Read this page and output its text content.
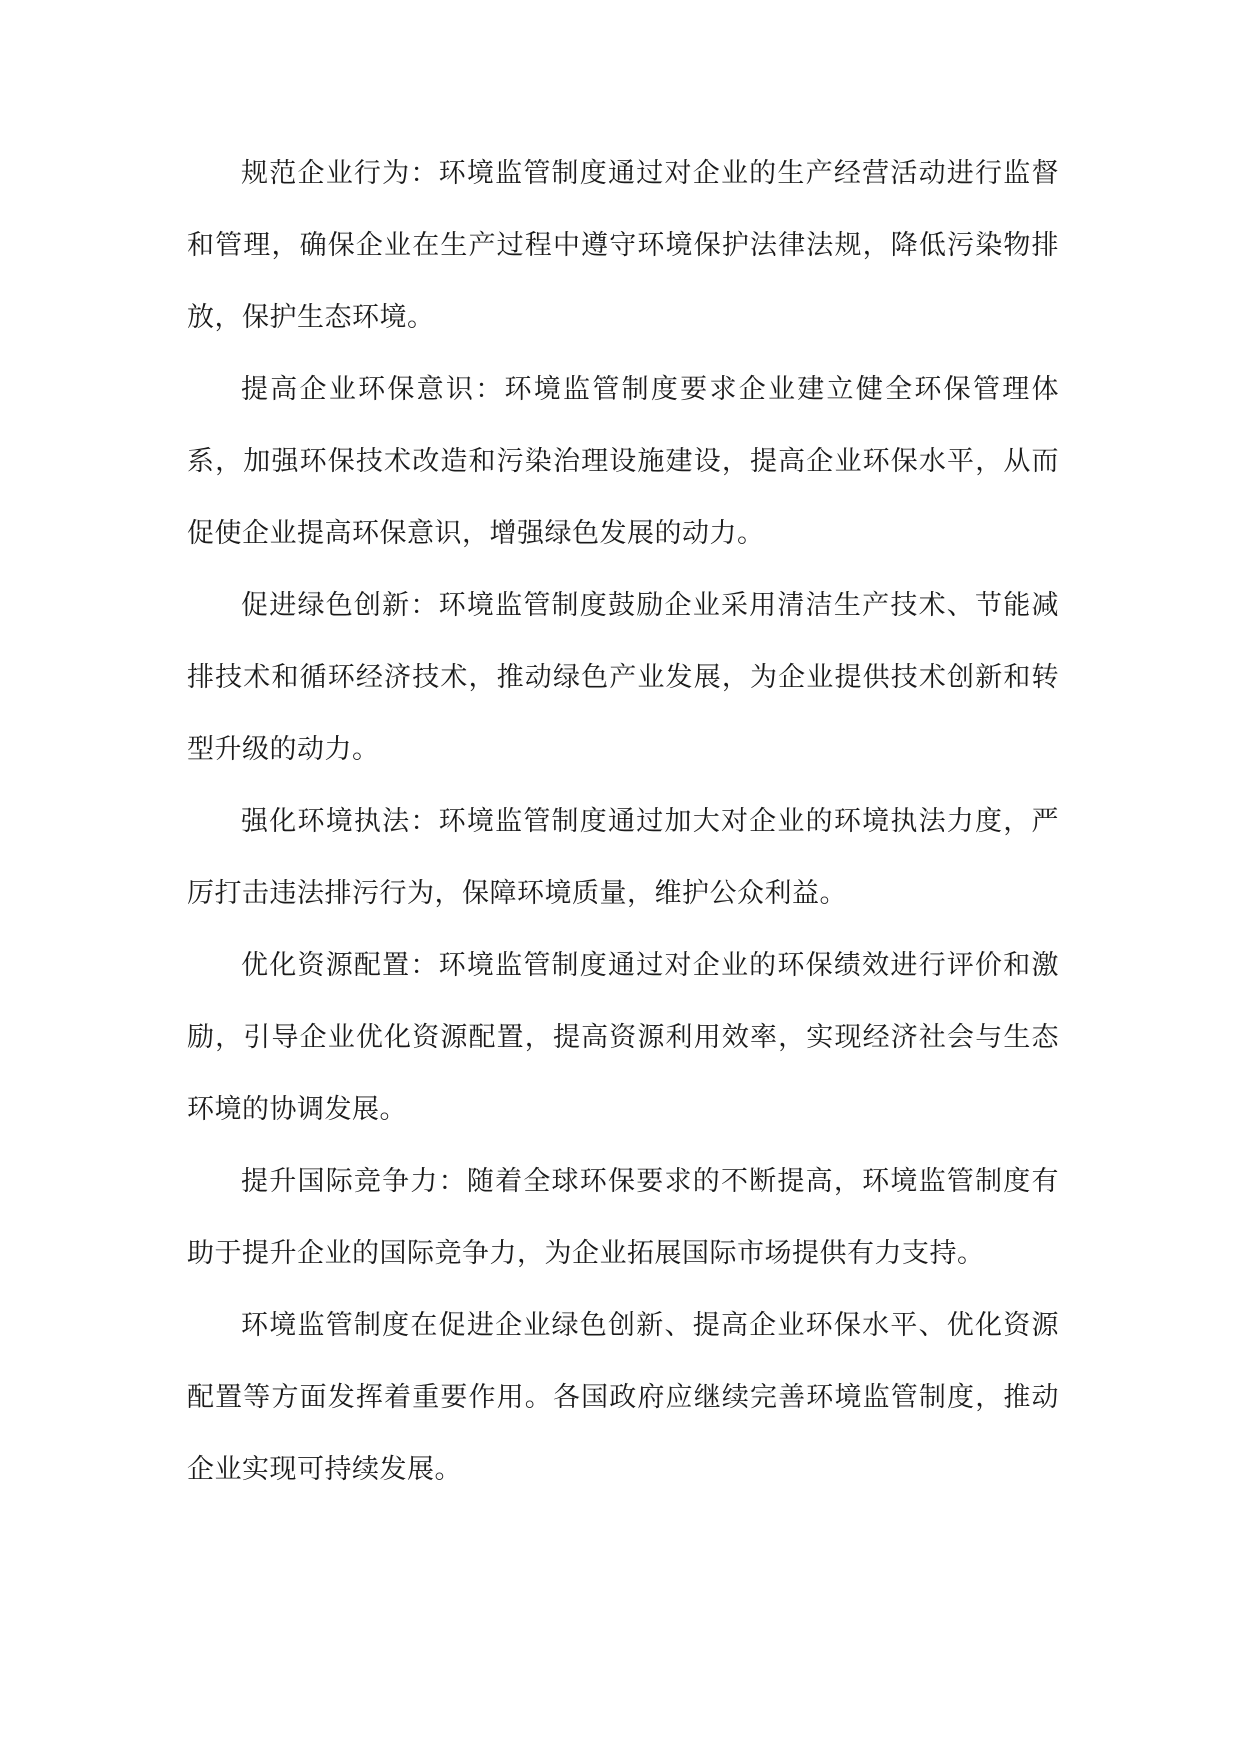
规范企业行为：环境监管制度通过对企业的生产经营活动进行监督和管理，确保企业在生产过程中遵守环境保护法律法规，降低污染物排放，保护生态环境。

提高企业环保意识：环境监管制度要求企业建立健全环保管理体系，加强环保技术改造和污染治理设施建设，提高企业环保水平，从而促使企业提高环保意识，增强绿色发展的动力。

促进绿色创新：环境监管制度鼓励企业采用清洁生产技术、节能减排技术和循环经济技术，推动绿色产业发展，为企业提供技术创新和转型升级的动力。

强化环境执法：环境监管制度通过加大对企业的环境执法力度，严厉打击违法排污行为，保障环境质量，维护公众利益。

优化资源配置：环境监管制度通过对企业的环保绩效进行评价和激励，引导企业优化资源配置，提高资源利用效率，实现经济社会与生态环境的协调发展。

提升国际竞争力：随着全球环保要求的不断提高，环境监管制度有助于提升企业的国际竞争力，为企业拓展国际市场提供有力支持。

环境监管制度在促进企业绿色创新、提高企业环保水平、优化资源配置等方面发挥着重要作用。各国政府应继续完善环境监管制度，推动企业实现可持续发展。
